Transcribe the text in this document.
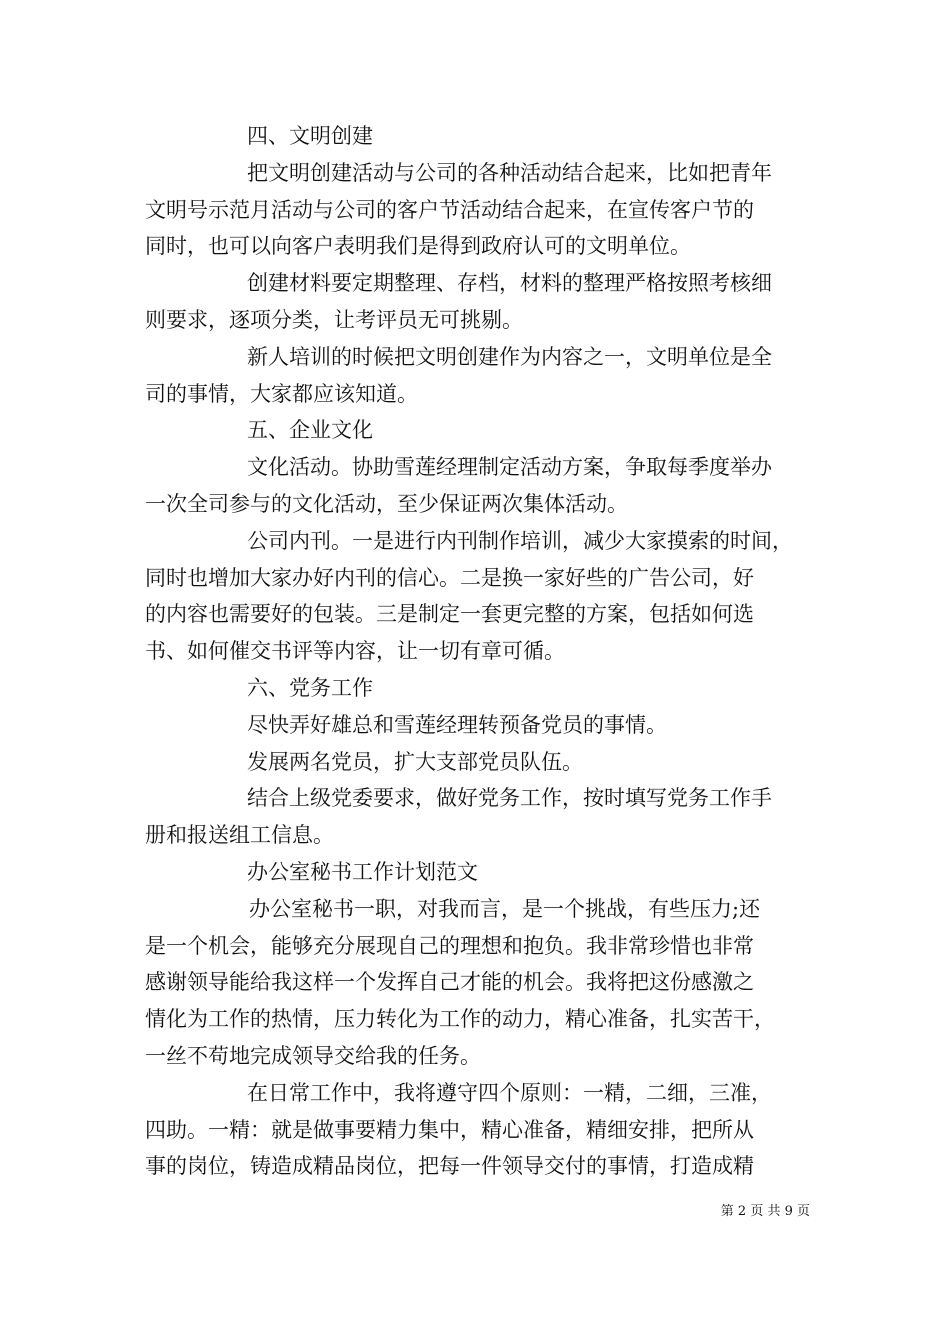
四、文明创建
把文明创建活动与公司的各种活动结合起来，比如把青年
文明号示范月活动与公司的客户节活动结合起来，在宣传客户节的
同时，也可以向客户表明我们是得到政府认可的文明单位。
创建材料要定期整理、存档，材料的整理严格按照考核细
则要求，逐项分类，让考评员无可挑剔。
新人培训的时候把文明创建作为内容之一，文明单位是全
司的事情，大家都应该知道。
五、企业文化
文化活动。协助雪莲经理制定活动方案，争取每季度举办
一次全司参与的文化活动，至少保证两次集体活动。
公司内刊。一是进行内刊制作培训，减少大家摸索的时间，
同时也增加大家办好内刊的信心。二是换一家好些的广告公司，好
的内容也需要好的包装。三是制定一套更完整的方案，包括如何选
书、如何催交书评等内容，让一切有章可循。
六、党务工作
尽快弄好雄总和雪莲经理转预备党员的事情。
发展两名党员，扩大支部党员队伍。
结合上级党委要求，做好党务工作，按时填写党务工作手
册和报送组工信息。
办公室秘书工作计划范文
办公室秘书一职，对我而言，是一个挑战，有些压力;还
是一个机会，能够充分展现自己的理想和抱负。我非常珍惜也非常
感谢领导能给我这样一个发挥自己才能的机会。我将把这份感激之
情化为工作的热情，压力转化为工作的动力，精心准备，扎实苦干，
一丝不苟地完成领导交给我的任务。
在日常工作中，我将遵守四个原则：一精，二细，三准，
四助。一精：就是做事要精力集中，精心准备，精细安排，把所从
事的岗位，铸造成精品岗位，把每一件领导交付的事情，打造成精
第 2 页 共 9 页
